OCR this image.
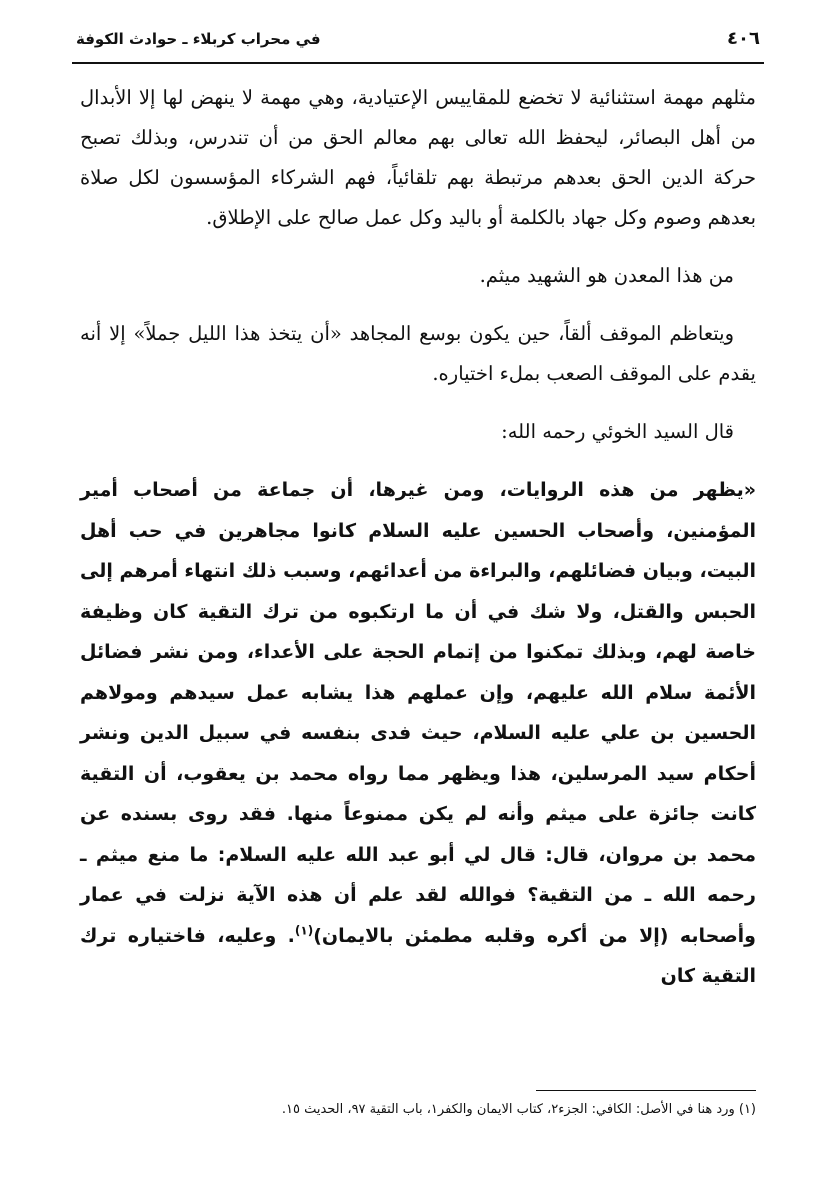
٤٠٦
في محراب كربلاء ـ حوادث الكوفة

مثلهم مهمة استثنائية لا تخضع للمقاييس الإعتيادية، وهي مهمة لا ينهض لها إلا الأبدال من أهل البصائر، ليحفظ الله تعالى بهم معالم الحق من أن تندرس، وبذلك تصبح حركة الدين الحق بعدهم مرتبطة بهم تلقائياً، فهم الشركاء المؤسسون لكل صلاة بعدهم وصوم وكل جهاد بالكلمة أو باليد وكل عمل صالح على الإطلاق.

من هذا المعدن هو الشهيد ميثم.

ويتعاظم الموقف ألقاً، حين يكون بوسع المجاهد «أن يتخذ هذا الليل جملاً» إلا أنه يقدم على الموقف الصعب بملء اختياره.

قال السيد الخوئي رحمه الله:

«يظهر من هذه الروايات، ومن غيرها، أن جماعة من أصحاب أمير المؤمنين، وأصحاب الحسين عليه السلام كانوا مجاهرين في حب أهل البيت، وبيان فضائلهم، والبراءة من أعدائهم، وسبب ذلك انتهاء أمرهم إلى الحبس والقتل، ولا شك في أن ما ارتكبوه من ترك التقية كان وظيفة خاصة لهم، وبذلك تمكنوا من إتمام الحجة على الأعداء، ومن نشر فضائل الأئمة سلام الله عليهم، وإن عملهم هذا يشابه عمل سيدهم ومولاهم الحسين بن علي عليه السلام، حيث فدى بنفسه في سبيل الدين ونشر أحكام سيد المرسلين، هذا ويظهر مما رواه محمد بن يعقوب، أن التقية كانت جائزة على ميثم وأنه لم يكن ممنوعاً منها. فقد روى بسنده عن محمد بن مروان، قال: قال لي أبو عبد الله عليه السلام: ما منع ميثم ـ رحمه الله ـ من التقية؟ فوالله لقد علم أن هذه الآية نزلت في عمار وأصحابه (إلا من أكره وقلبه مطمئن بالايمان)$^{(١)}$. وعليه، فاختياره ترك التقية كان

(١) ورد هنا في الأصل: الكافي: الجزء٢، كتاب الايمان والكفر١، باب التقية ٩٧، الحديث ١٥.
